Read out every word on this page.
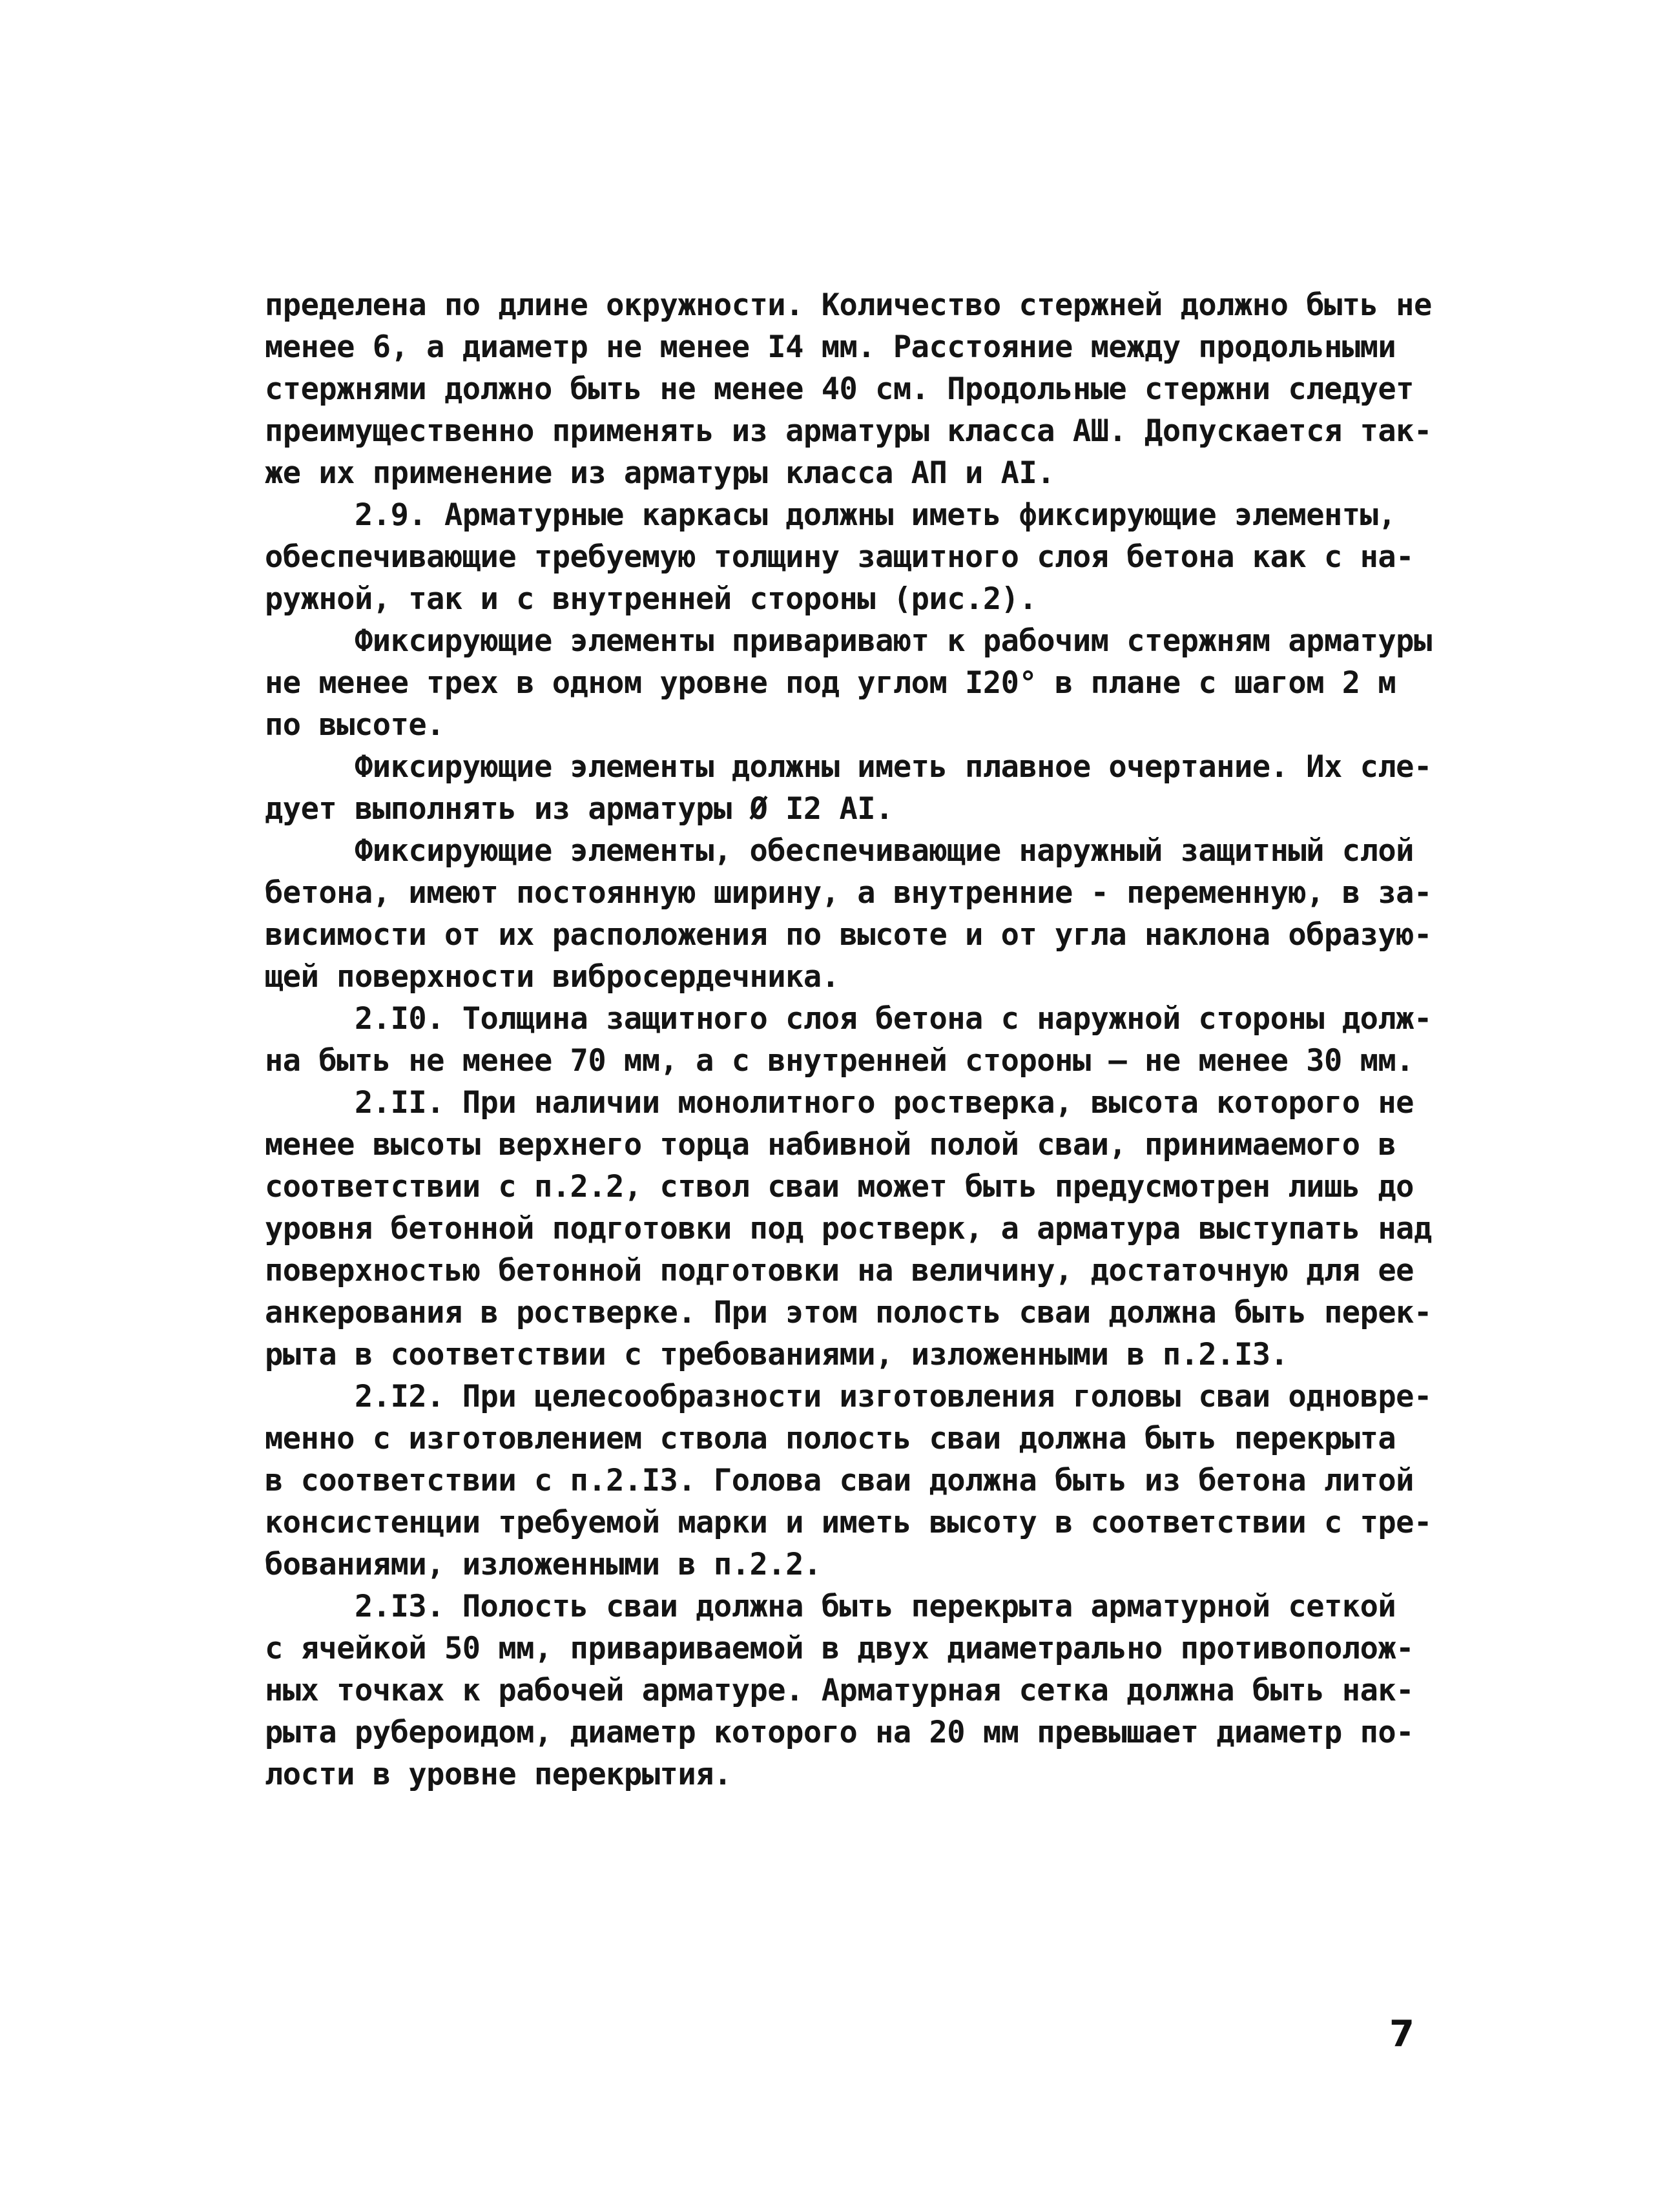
пределена по длине окружности. Количество стержней должно быть не

менее 6, а диаметр не менее I4 мм. Расстояние между продольными

стержнями должно быть не менее 40 см. Продольные стержни следует

преимущественно применять из арматуры класса АШ. Допускается так-

же их применение из арматуры класса АП и АI.

2.9. Арматурные каркасы должны иметь фиксирующие элементы,

обеспечивающие требуемую толщину защитного слоя бетона как с на-

ружной, так и с внутренней стороны (рис.2).

Фиксирующие элементы приваривают к рабочим стержням арматуры

не менее трех в одном уровне под углом I20° в плане с шагом 2 м

по высоте.

Фиксирующие элементы должны иметь плавное очертание. Их сле-

дует выполнять из арматуры Ø I2 АI.

Фиксирующие элементы, обеспечивающие наружный защитный слой

бетона, имеют постоянную ширину, а внутренние - переменную, в за-

висимости от их расположения по высоте и от угла наклона образую-

щей поверхности вибросердечника.

2.I0. Толщина защитного слоя бетона с наружной стороны долж-

на быть не менее 70 мм, а с внутренней стороны – не менее 30 мм.

2.II. При наличии монолитного ростверка, высота которого не

менее высоты верхнего торца набивной полой сваи, принимаемого в

соответствии с п.2.2, ствол сваи может быть предусмотрен лишь до

уровня бетонной подготовки под ростверк, а арматура выступать над

поверхностью бетонной подготовки на величину, достаточную для ее

анкерования в ростверке. При этом полость сваи должна быть перек-

рыта в соответствии с требованиями, изложенными в п.2.I3.

2.I2. При целесообразности изготовления головы сваи одновре-

менно с изготовлением ствола полость сваи должна быть перекрыта

в соответствии с п.2.I3. Голова сваи должна быть из бетона литой

консистенции требуемой марки и иметь высоту в соответствии с тре-

бованиями, изложенными в п.2.2.

2.I3. Полость сваи должна быть перекрыта арматурной сеткой

с ячейкой 50 мм, привариваемой в двух диаметрально противополож-

ных точках к рабочей арматуре. Арматурная сетка должна быть нак-

рыта рубероидом, диаметр которого на 20 мм превышает диаметр по-

лости в уровне перекрытия.

7
